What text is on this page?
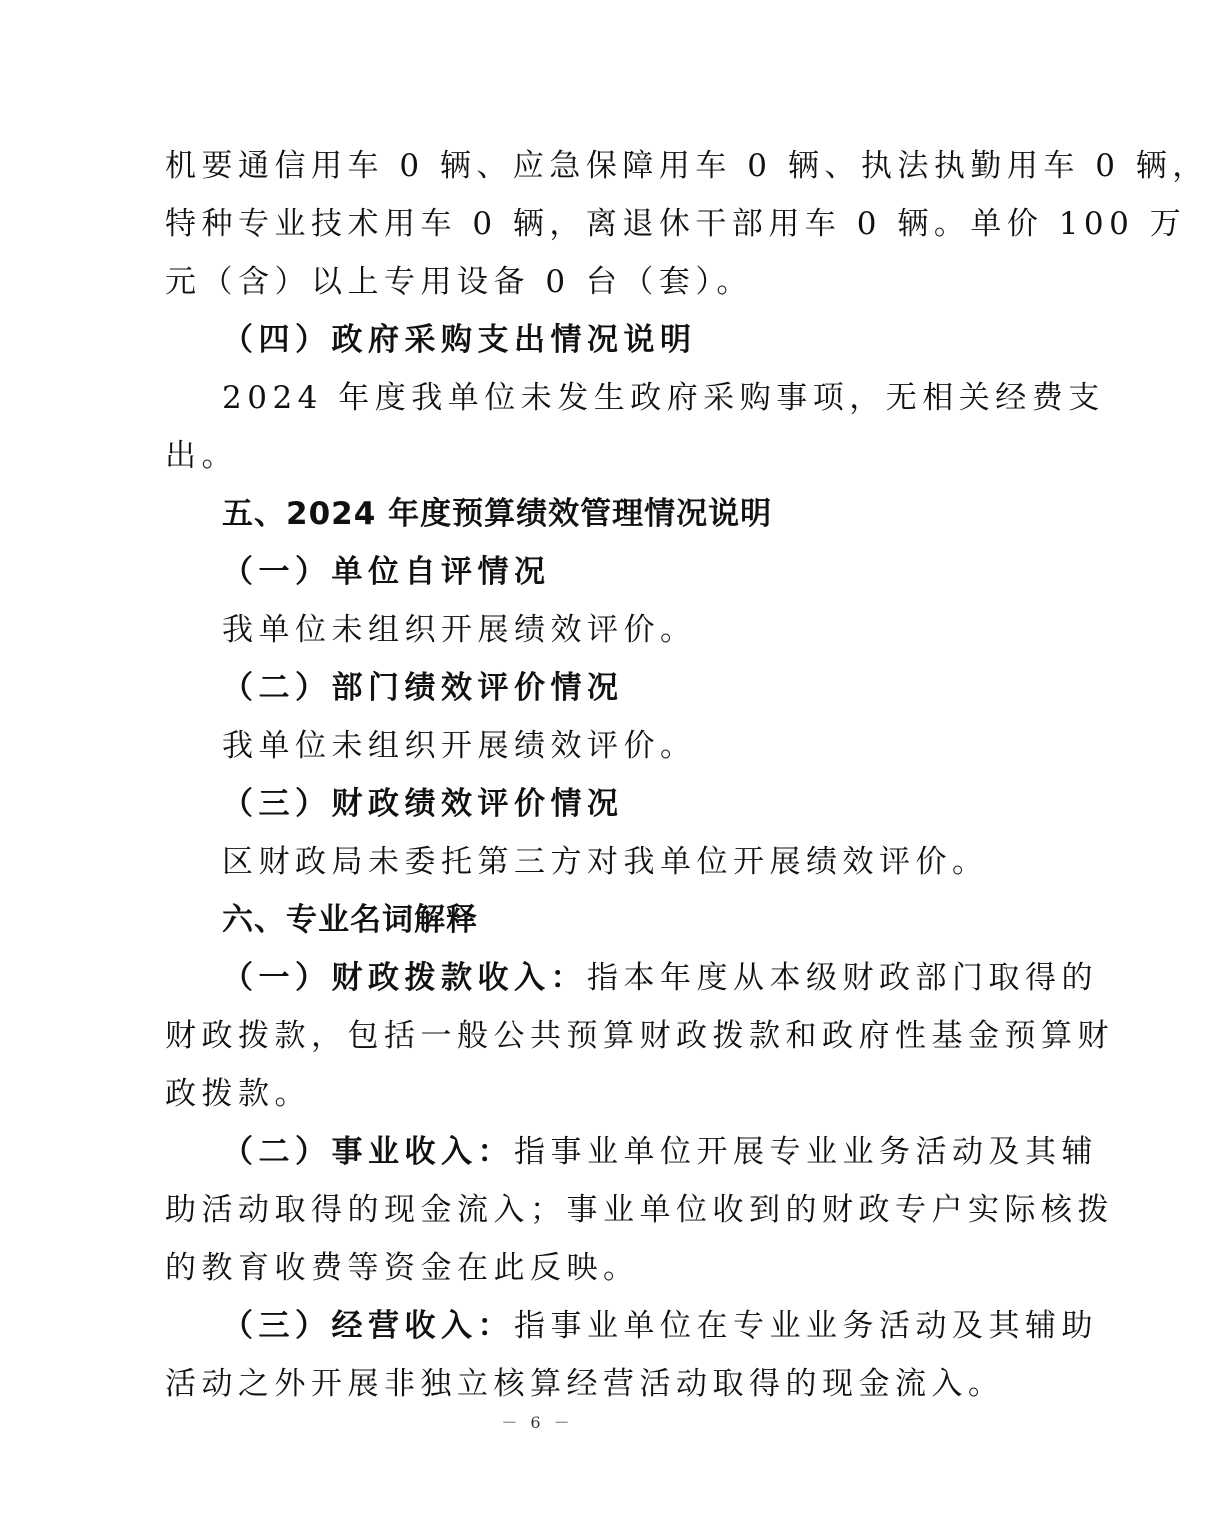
机要通信用车 0 辆、应急保障用车 0 辆、执法执勤用车 0 辆，
特种专业技术用车 0 辆，离退休干部用车 0 辆。单价 100 万
元（含）以上专用设备 0 台（套）。
（四）政府采购支出情况说明
2024 年度我单位未发生政府采购事项，无相关经费支
出。
五、2024 年度预算绩效管理情况说明
（一）单位自评情况
我单位未组织开展绩效评价。
（二）部门绩效评价情况
我单位未组织开展绩效评价。
（三）财政绩效评价情况
区财政局未委托第三方对我单位开展绩效评价。
六、专业名词解释
（一）财政拨款收入：指本年度从本级财政部门取得的
财政拨款，包括一般公共预算财政拨款和政府性基金预算财
政拨款。
（二）事业收入：指事业单位开展专业业务活动及其辅
助活动取得的现金流入；事业单位收到的财政专户实际核拨
的教育收费等资金在此反映。
（三）经营收入：指事业单位在专业业务活动及其辅助
活动之外开展非独立核算经营活动取得的现金流入。
－ 6 －
